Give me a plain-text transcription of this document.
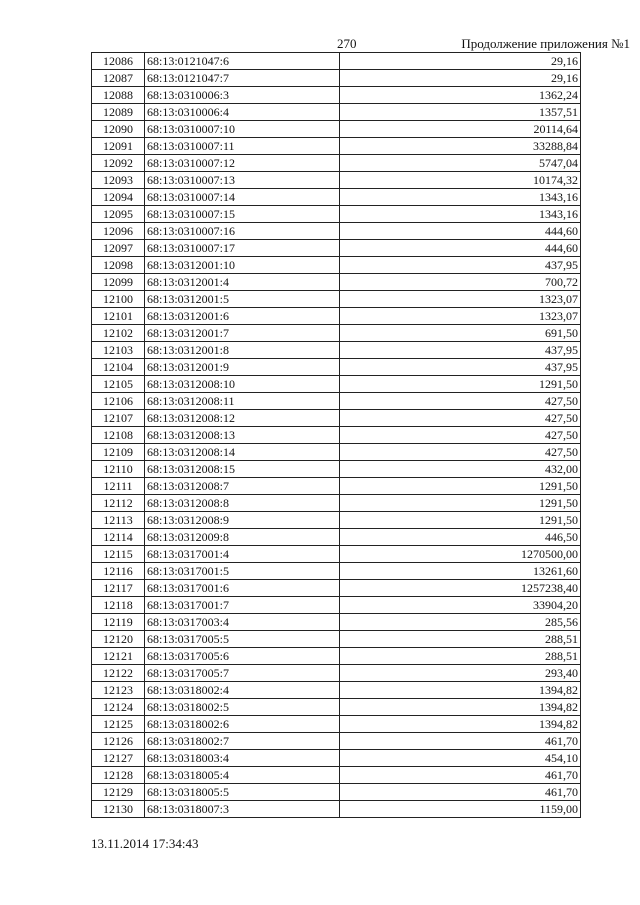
270	Продолжение приложения №1
12086	68:13:0121047:6	29,16
12087	68:13:0121047:7	29,16
12088	68:13:0310006:3	1362,24
12089	68:13:0310006:4	1357,51
12090	68:13:0310007:10	20114,64
12091	68:13:0310007:11	33288,84
12092	68:13:0310007:12	5747,04
12093	68:13:0310007:13	10174,32
12094	68:13:0310007:14	1343,16
12095	68:13:0310007:15	1343,16
12096	68:13:0310007:16	444,60
12097	68:13:0310007:17	444,60
12098	68:13:0312001:10	437,95
12099	68:13:0312001:4	700,72
12100	68:13:0312001:5	1323,07
12101	68:13:0312001:6	1323,07
12102	68:13:0312001:7	691,50
12103	68:13:0312001:8	437,95
12104	68:13:0312001:9	437,95
12105	68:13:0312008:10	1291,50
12106	68:13:0312008:11	427,50
12107	68:13:0312008:12	427,50
12108	68:13:0312008:13	427,50
12109	68:13:0312008:14	427,50
12110	68:13:0312008:15	432,00
12111	68:13:0312008:7	1291,50
12112	68:13:0312008:8	1291,50
12113	68:13:0312008:9	1291,50
12114	68:13:0312009:8	446,50
12115	68:13:0317001:4	1270500,00
12116	68:13:0317001:5	13261,60
12117	68:13:0317001:6	1257238,40
12118	68:13:0317001:7	33904,20
12119	68:13:0317003:4	285,56
12120	68:13:0317005:5	288,51
12121	68:13:0317005:6	288,51
12122	68:13:0317005:7	293,40
12123	68:13:0318002:4	1394,82
12124	68:13:0318002:5	1394,82
12125	68:13:0318002:6	1394,82
12126	68:13:0318002:7	461,70
12127	68:13:0318003:4	454,10
12128	68:13:0318005:4	461,70
12129	68:13:0318005:5	461,70
12130	68:13:0318007:3	1159,00
13.11.2014 17:34:43
